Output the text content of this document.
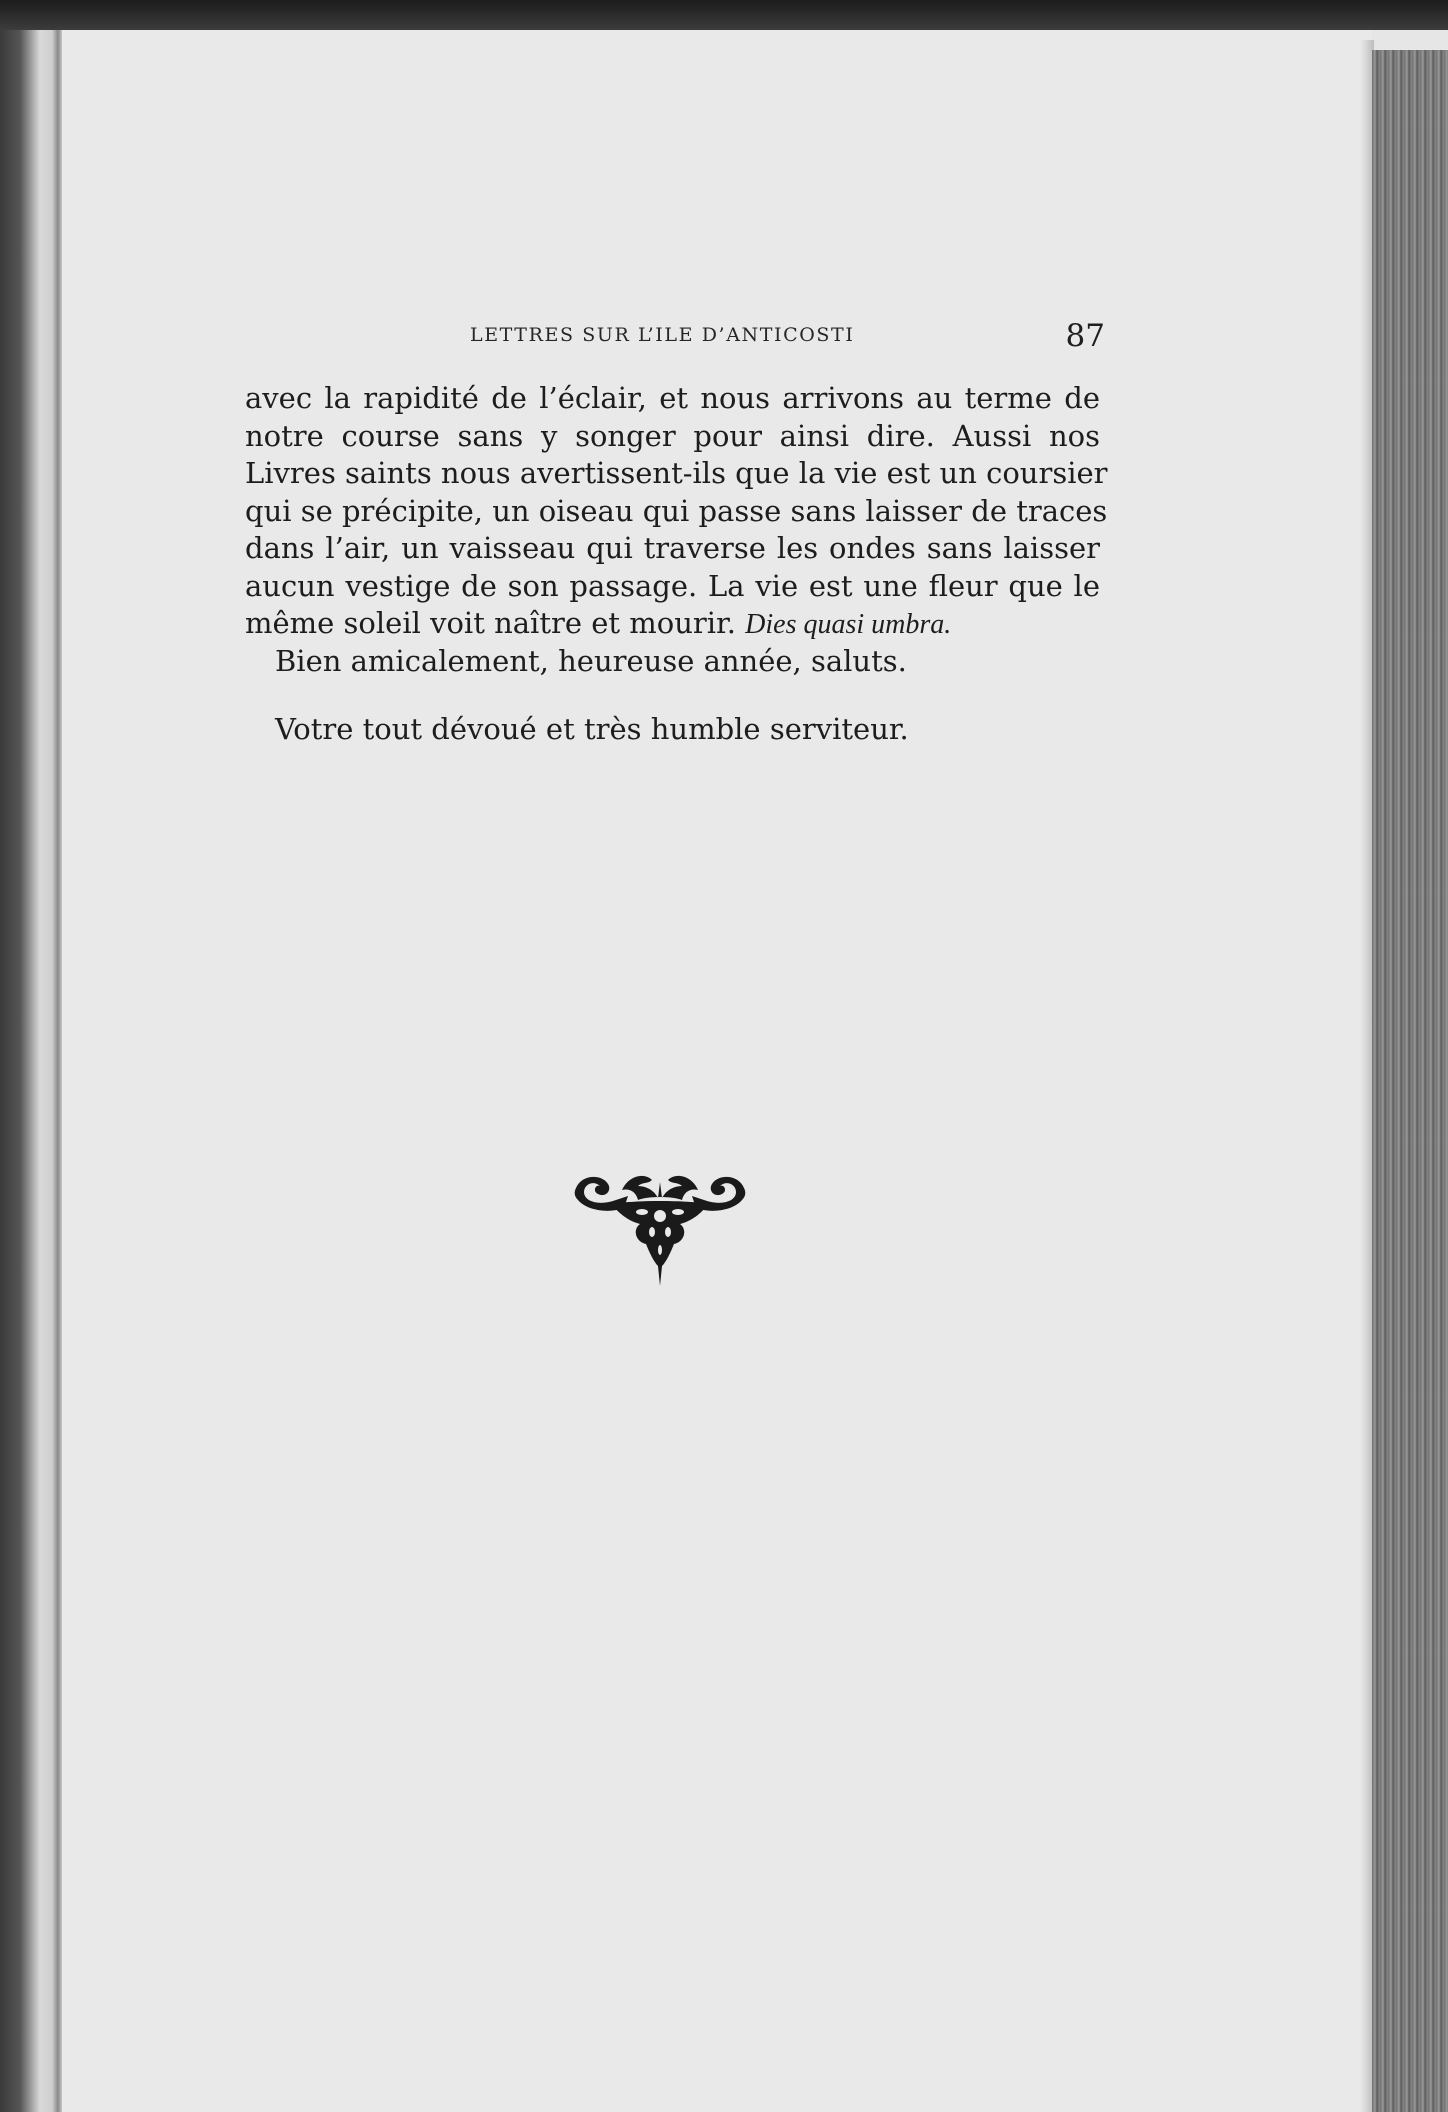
LETTRES SUR L’ILE D’ANTICOSTI	87
avec la rapidité de l’éclair, et nous arrivons au terme de
notre course sans y songer pour ainsi dire. Aussi nos
Livres saints nous avertissent-ils que la vie est un coursier
qui se précipite, un oiseau qui passe sans laisser de traces
dans l’air, un vaisseau qui traverse les ondes sans laisser
aucun vestige de son passage. La vie est une fleur que le
même soleil voit naître et mourir. Dies quasi umbra.
Bien amicalement, heureuse année, saluts.
Votre tout dévoué et très humble serviteur.
